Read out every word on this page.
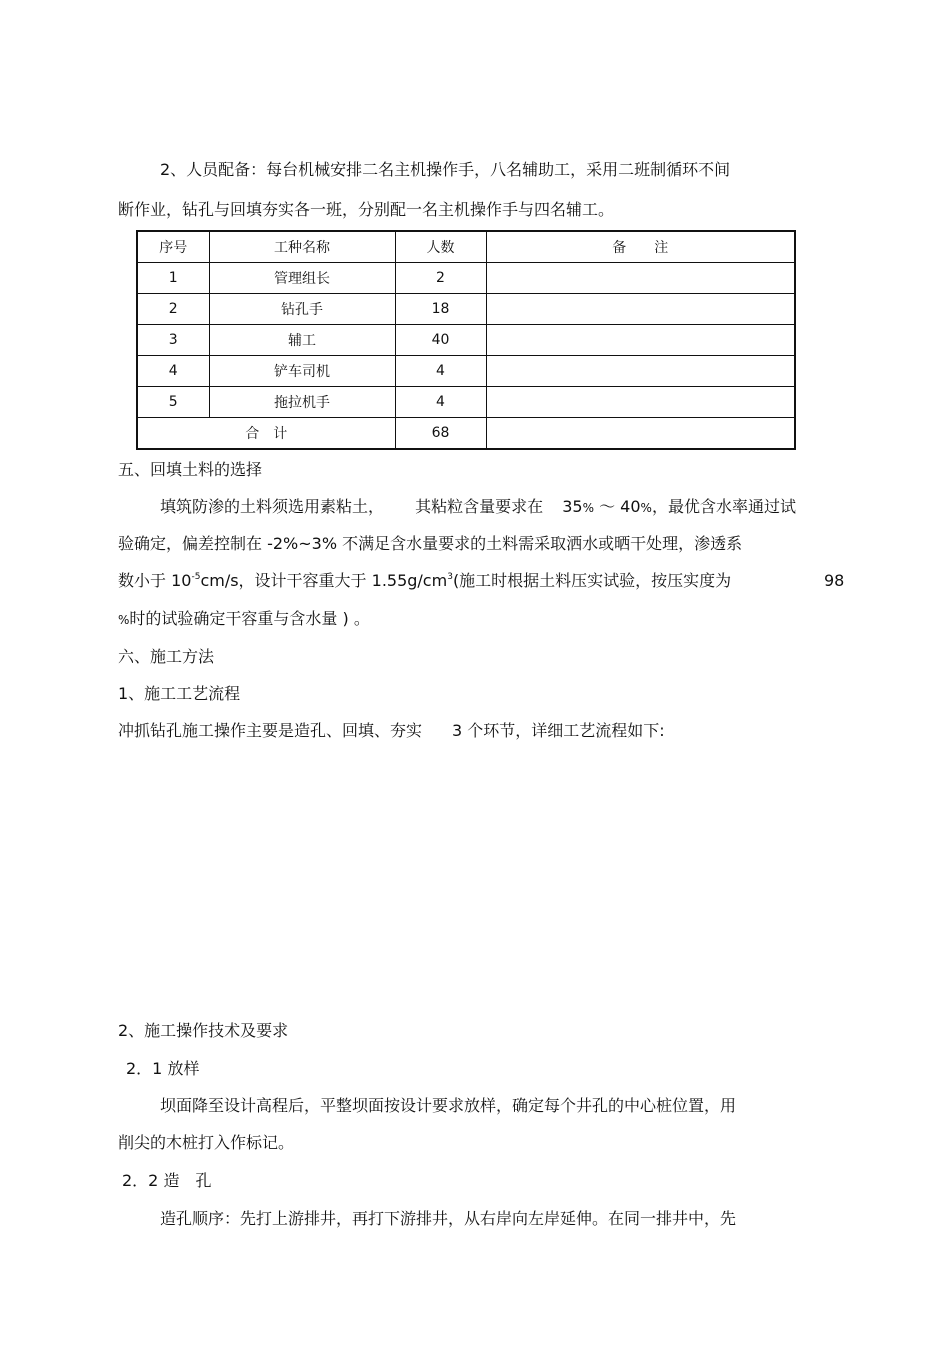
2、人员配备：每台机械安排二名主机操作手，八名辅助工，采用二班制循环不间
断作业，钻孔与回填夯实各一班，分别配一名主机操作手与四名辅工。
序号	工种名称	人数	备　　注
1	管理组长	2	
2	钻孔手	18	
3	辅工	40	
4	铲车司机	4	
5	拖拉机手	4	
合　计		68	
五、回填土料的选择
填筑防渗的土料须选用素粘土， 其粘粒含量要求在 35% ～ 40%，最优含水率通过试
验确定，偏差控制在 -2%~3% 不满足含水量要求的土料需采取洒水或晒干处理，渗透系
数小于 $10^{-5}cm/s$，设计干容重大于 $1.55g/cm^3$(施工时根据土料压实试验，按压实度为	98
%时的试验确定干容重与含水量 ) 。
六、施工方法
1、施工工艺流程
冲抓钻孔施工操作主要是造孔、回填、夯实 3 个环节，详细工艺流程如下:
2、施工操作技术及要求
2．1 放样
坝面降至设计高程后，平整坝面按设计要求放样，确定每个井孔的中心桩位置，用
削尖的木桩打入作标记。
2．2 造　孔
造孔顺序：先打上游排井，再打下游排井，从右岸向左岸延伸。在同一排井中，先
